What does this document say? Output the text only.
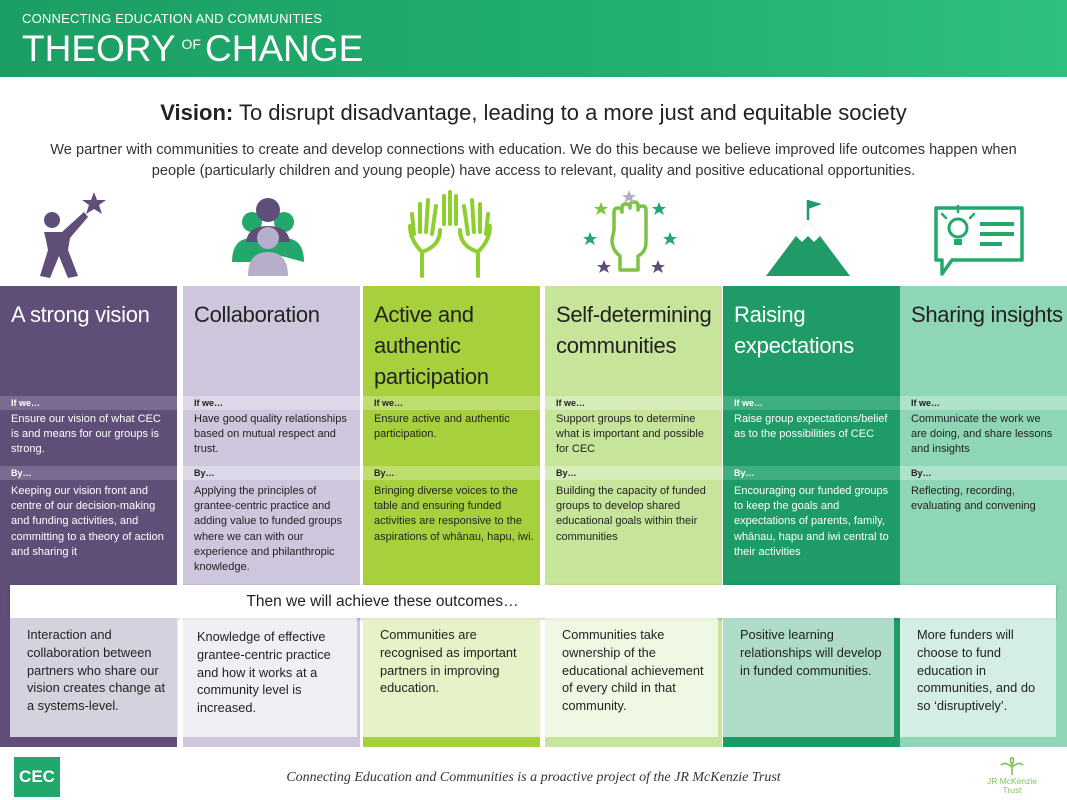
CONNECTING EDUCATION AND COMMUNITIES
THEORY $^{OF}$ CHANGE
Vision: To disrupt disadvantage, leading to a more just and equitable society
We partner with communities to create and develop connections with education. We do this because we believe improved life outcomes happen when people (particularly children and young people) have access to relevant, quality and positive educational opportunities.
A strong vision
If we…
Ensure our vision of what CEC is and means for our groups is strong.
By…
Keeping our vision front and centre of our decision-making and funding activities, and committing to a theory of action and sharing it
Collaboration
If we…
Have good quality relationships based on mutual respect and trust.
By…
Applying the principles of grantee-centric practice and adding value to funded groups where we can with our experience and philanthropic knowledge.
Active and authentic participation
If we…
Ensure active and authentic participation.
By…
Bringing diverse voices to the table and ensuring funded activities are responsive to the aspirations of whānau, hapu, iwi.
Self-determining communities
If we…
Support groups to determine what is important and possible for CEC
By…
Building the capacity of funded groups to develop shared educational goals within their communities
Raising expectations
If we…
Raise group expectations/belief as to the possibilities of CEC
By…
Encouraging our funded groups to keep the goals and expectations of parents, family, whānau, hapu and iwi central to their activities
Sharing insights
If we…
Communicate the work we are doing, and share lessons and insights
By…
Reflecting, recording, evaluating and convening
Then we will achieve these outcomes…
Interaction and collaboration between partners who share our vision creates change at a systems-level.
Knowledge of effective grantee-centric practice and how it works at a community level is increased.
Communities are recognised as important partners in improving education.
Communities take ownership of the educational achievement of every child in that community.
Positive learning relationships will develop in funded communities.
More funders will choose to fund education in communities, and do so ‘disruptively’.
CEC	Connecting Education and Communities is a proactive project of the JR McKenzie Trust	JR McKenzie
Trust
